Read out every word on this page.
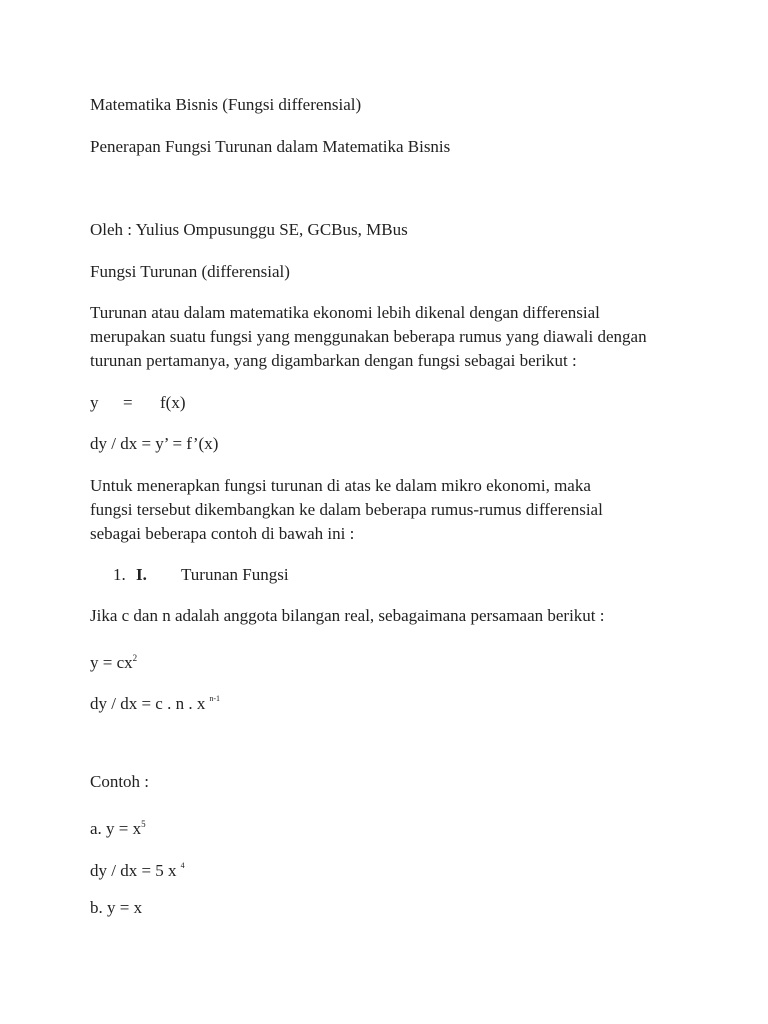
Matematika Bisnis (Fungsi differensial)
Penerapan Fungsi Turunan dalam Matematika Bisnis
Oleh : Yulius Ompusunggu SE, GCBus, MBus
Fungsi Turunan (differensial)
Turunan atau dalam matematika ekonomi lebih dikenal dengan differensial
merupakan suatu fungsi yang menggunakan beberapa rumus yang diawali dengan
turunan pertamanya, yang digambarkan dengan fungsi sebagai berikut :
y = f(x)
dy / dx = y’ = f’(x)
Untuk menerapkan fungsi turunan di atas ke dalam mikro ekonomi, maka
fungsi tersebut dikembangkan ke dalam beberapa rumus-rumus differensial
sebagai beberapa contoh di bawah ini :
1. I. Turunan Fungsi
Jika c dan n adalah anggota bilangan real, sebagaimana persamaan berikut :
$y = cx^2$
dy / dx = c . n . x $^{n-1}$
Contoh :
a. $y = x^5$
dy / dx = 5 x $^4$
b. y = x
